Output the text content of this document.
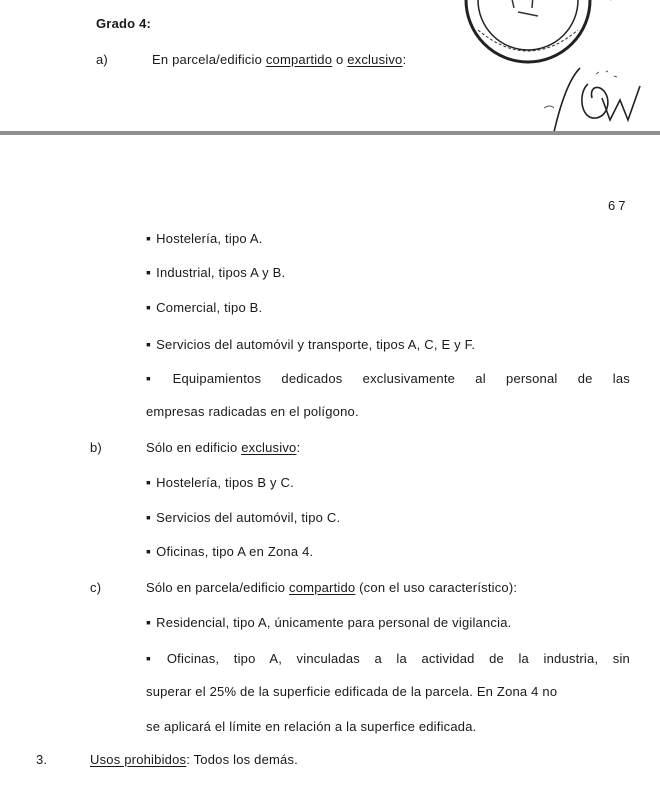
Grado 4:
a)	En parcela/edificio compartido o exclusivo:
67
▪ Hostelería, tipo A.
▪ Industrial, tipos A y B.
▪ Comercial, tipo B.
▪ Servicios del automóvil y transporte, tipos A, C, E y F.
▪ Equipamientos dedicados exclusivamente al personal de las
empresas radicadas en el polígono.
b)	Sólo en edificio exclusivo:
▪ Hostelería, tipos B y C.
▪ Servicios del automóvil, tipo C.
▪ Oficinas, tipo A en Zona 4.
c)	Sólo en parcela/edificio compartido (con el uso característico):
▪ Residencial, tipo A, únicamente para personal de vigilancia.
▪ Oficinas, tipo A, vinculadas a la actividad de la industria, sin
superar el 25% de la superficie edificada de la parcela. En Zona 4 no
se aplicará el límite en relación a la superfice edificada.
3.	Usos prohibidos: Todos los demás.
